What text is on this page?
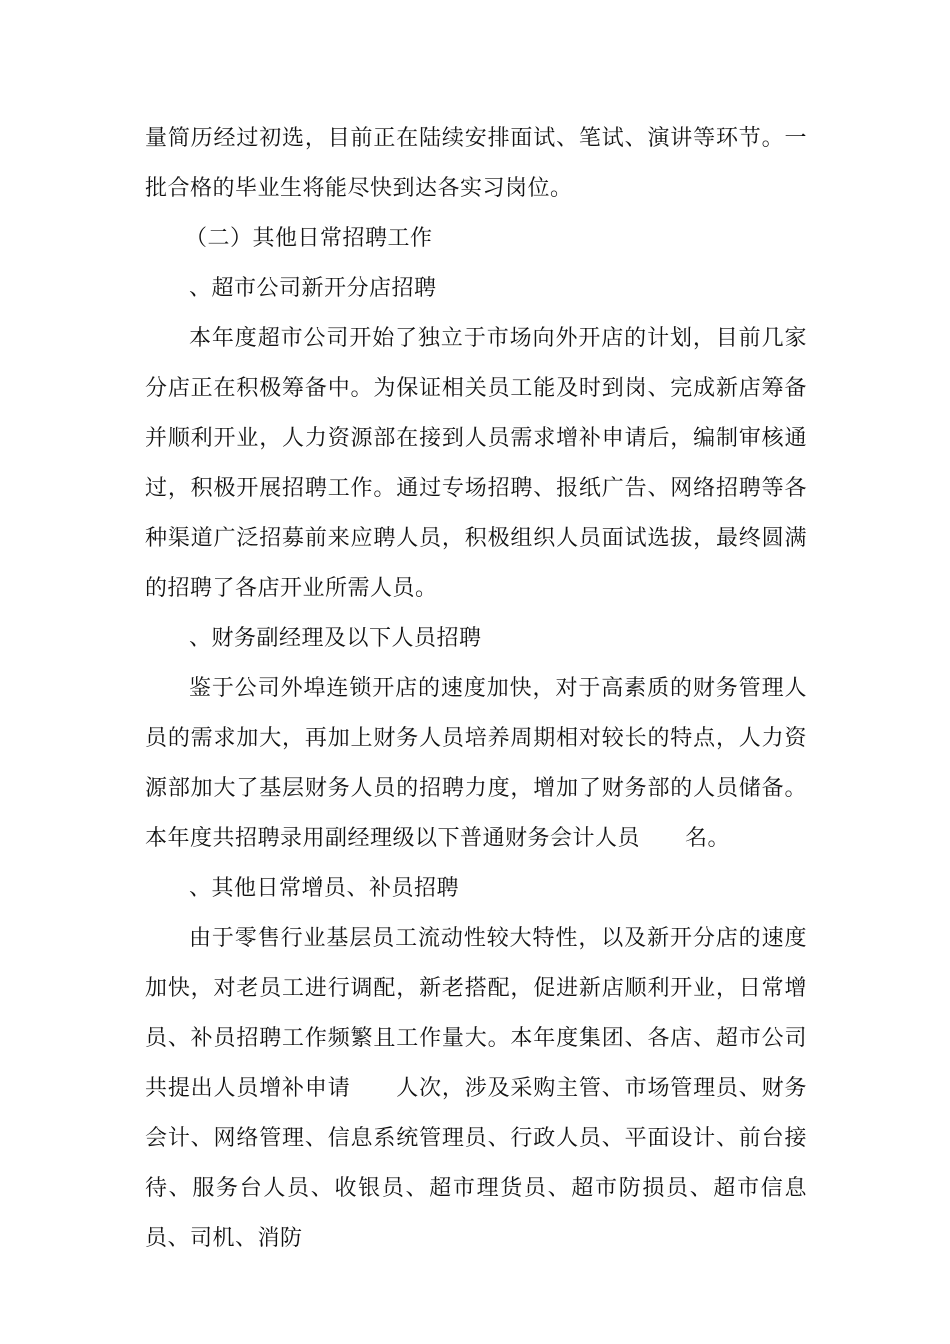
量简历经过初选，目前正在陆续安排面试、笔试、演讲等环节。一批合格的毕业生将能尽快到达各实习岗位。

（二）其他日常招聘工作

、超市公司新开分店招聘

本年度超市公司开始了独立于市场向外开店的计划，目前几家分店正在积极筹备中。为保证相关员工能及时到岗、完成新店筹备并顺利开业，人力资源部在接到人员需求增补申请后，编制审核通过，积极开展招聘工作。通过专场招聘、报纸广告、网络招聘等各种渠道广泛招募前来应聘人员，积极组织人员面试选拔，最终圆满的招聘了各店开业所需人员。

、财务副经理及以下人员招聘

鉴于公司外埠连锁开店的速度加快，对于高素质的财务管理人员的需求加大，再加上财务人员培养周期相对较长的特点，人力资源部加大了基层财务人员的招聘力度，增加了财务部的人员储备。本年度共招聘录用副经理级以下普通财务会计人员　　名。

、其他日常增员、补员招聘

由于零售行业基层员工流动性较大特性，以及新开分店的速度加快，对老员工进行调配，新老搭配，促进新店顺利开业，日常增员、补员招聘工作频繁且工作量大。本年度集团、各店、超市公司共提出人员增补申请　　人次，涉及采购主管、市场管理员、财务会计、网络管理、信息系统管理员、行政人员、平面设计、前台接待、服务台人员、收银员、超市理货员、超市防损员、超市信息员、司机、消防
